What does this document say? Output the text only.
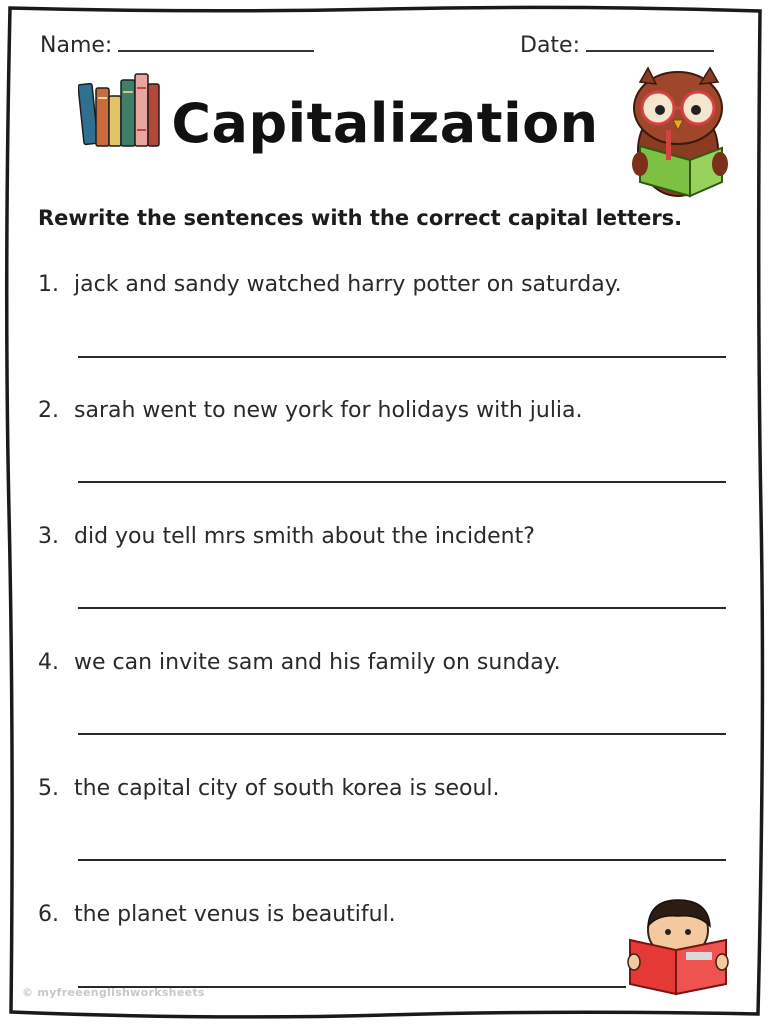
Name:	Date:
Capitalization
Rewrite the sentences with the correct capital letters.
1. jack and sandy watched harry potter on saturday.
2. sarah went to new york for holidays with julia.
3. did you tell mrs smith about the incident?
4. we can invite sam and his family on sunday.
5. the capital city of south korea is seoul.
6. the planet venus is beautiful.
© myfreeenglishworksheets
